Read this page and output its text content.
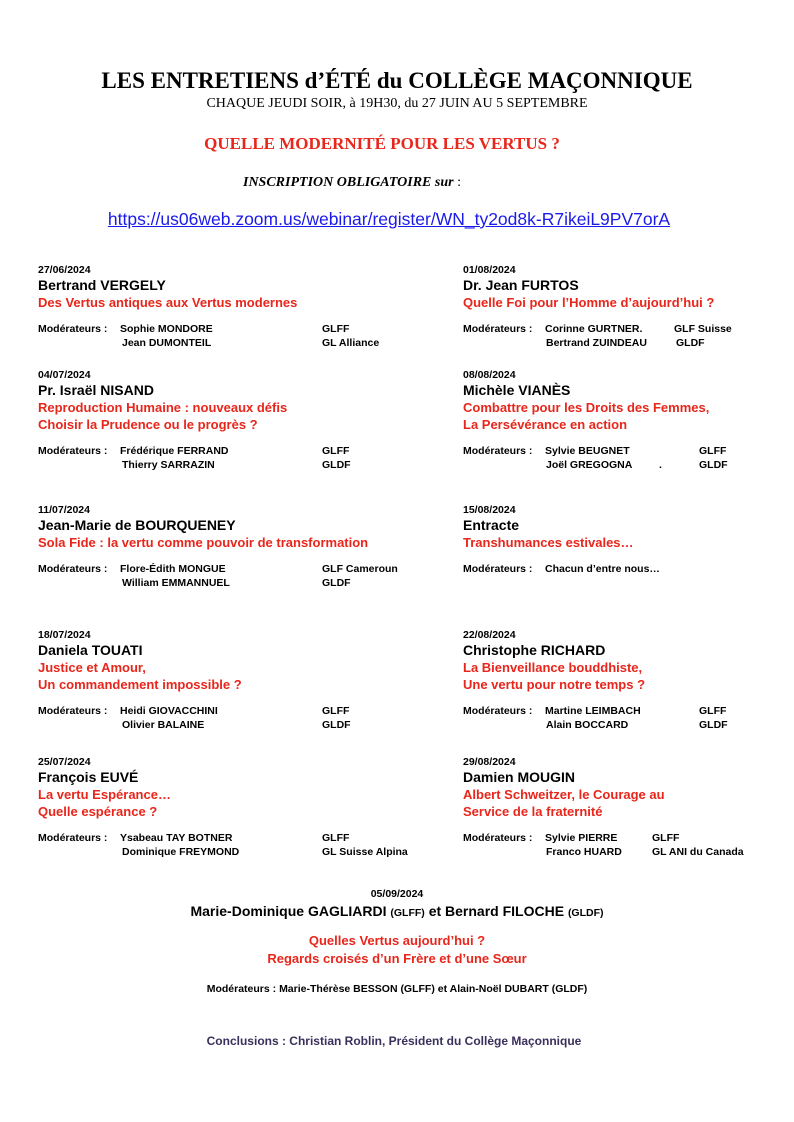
LES ENTRETIENS d’ÉTÉ du COLLÈGE MAÇONNIQUE
CHAQUE JEUDI SOIR, à 19H30, du 27 JUIN AU 5 SEPTEMBRE
QUELLE MODERNITÉ POUR LES VERTUS ?
INSCRIPTION OBLIGATOIRE sur :
https://us06web.zoom.us/webinar/register/WN_ty2od8k-R7ikeiL9PV7orA
27/06/2024
Bertrand VERGELY
Des Vertus antiques aux Vertus modernes
Modérateurs : Sophie MONDORE	GLFF
Jean DUMONTEIL	GL Alliance
01/08/2024
Dr. Jean FURTOS
Quelle Foi pour l’Homme d’aujourd’hui ?
Modérateurs : Corinne GURTNER.	GLF Suisse
Bertrand ZUINDEAU	GLDF
04/07/2024
Pr. Israël NISAND
Reproduction Humaine : nouveaux défis
Choisir la Prudence ou le progrès ?
Modérateurs : Frédérique FERRAND	GLFF
Thierry SARRAZIN	GLDF
08/08/2024
Michèle VIANÈS
Combattre pour les Droits des Femmes,
La Persévérance en action
Modérateurs : Sylvie BEUGNET	GLFF
Joël GREGOGNA	.	GLDF
11/07/2024
Jean-Marie de BOURQUENEY
Sola Fide : la vertu comme pouvoir de transformation
Modérateurs : Flore-Édith MONGUE	GLF Cameroun
William EMMANNUEL	GLDF
15/08/2024
Entracte
Transhumances estivales…
Modérateurs : Chacun d’entre nous…
18/07/2024
Daniela TOUATI
Justice et Amour,
Un commandement impossible ?
Modérateurs : Heidi GIOVACCHINI	GLFF
Olivier BALAINE	GLDF
22/08/2024
Christophe RICHARD
La Bienveillance bouddhiste,
Une vertu pour notre temps ?
Modérateurs : Martine LEIMBACH	GLFF
Alain BOCCARD	GLDF
25/07/2024
François EUVÉ
La vertu Espérance…
Quelle espérance ?
Modérateurs : Ysabeau TAY BOTNER	GLFF
Dominique FREYMOND	GL Suisse Alpina
29/08/2024
Damien MOUGIN
Albert Schweitzer, le Courage au
Service de la fraternité
Modérateurs : Sylvie PIERRE	GLFF
Franco HUARD	GL ANI du Canada
05/09/2024
Marie-Dominique GAGLIARDI (GLFF) et Bernard FILOCHE (GLDF)
Quelles Vertus aujourd’hui ?
Regards croisés d’un Frère et d’une Sœur
Modérateurs : Marie-Thérèse BESSON (GLFF) et Alain-Noël DUBART (GLDF)
Conclusions : Christian Roblin, Président du Collège Maçonnique
